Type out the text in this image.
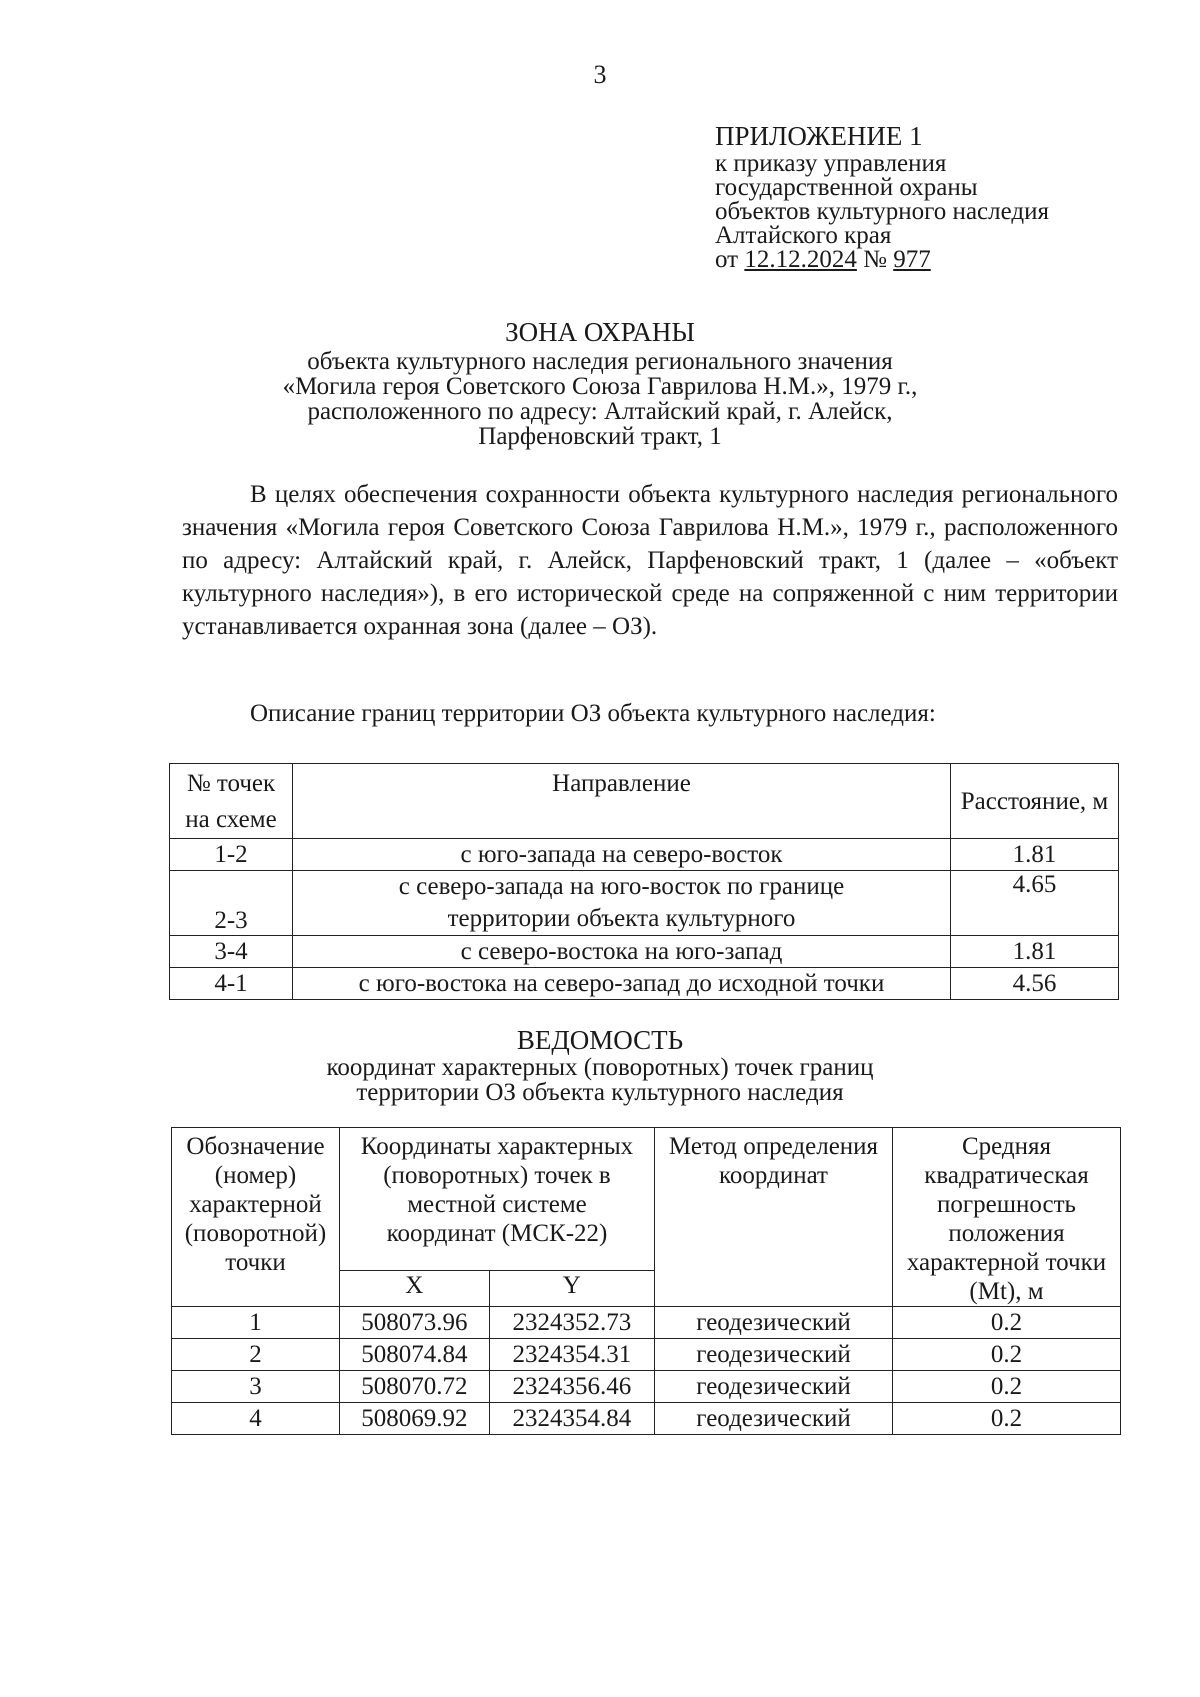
3
ПРИЛОЖЕНИЕ 1
к приказу управления
государственной охраны
объектов культурного наследия
Алтайского края
от 12.12.2024 № 977
ЗОНА ОХРАНЫ
объекта культурного наследия регионального значения
«Могила героя Советского Союза Гаврилова Н.М.», 1979 г.,
расположенного по адресу: Алтайский край, г. Алейск,
Парфеновский тракт, 1
В целях обеспечения сохранности объекта культурного наследия регионального значения «Могила героя Советского Союза Гаврилова Н.М.», 1979 г., расположенного по адресу: Алтайский край, г. Алейск, Парфеновский тракт, 1 (далее – «объект культурного наследия»), в его исторической среде на сопряженной с ним территории устанавливается охранная зона (далее – ОЗ).
Описание границ территории ОЗ объекта культурного наследия:
№ точек на схеме	Направление	Расстояние, м
1-2	с юго-запада на северо-восток	1.81
2-3	с северо-запада на юго-восток по границе территории объекта культурного	4.65
3-4	с северо-востока на юго-запад	1.81
4-1	с юго-востока на северо-запад до исходной точки	4.56
ВЕДОМОСТЬ
координат характерных (поворотных) точек границ
территории ОЗ объекта культурного наследия
Обозначение (номер) характерной (поворотной) точки	Координаты характерных (поворотных) точек в местной системе координат (МСК-22)		Метод определения координат	Средняя квадратическая погрешность положения характерной точки (Mt), м
	X	Y		
1	508073.96	2324352.73	геодезический	0.2
2	508074.84	2324354.31	геодезический	0.2
3	508070.72	2324356.46	геодезический	0.2
4	508069.92	2324354.84	геодезический	0.2
